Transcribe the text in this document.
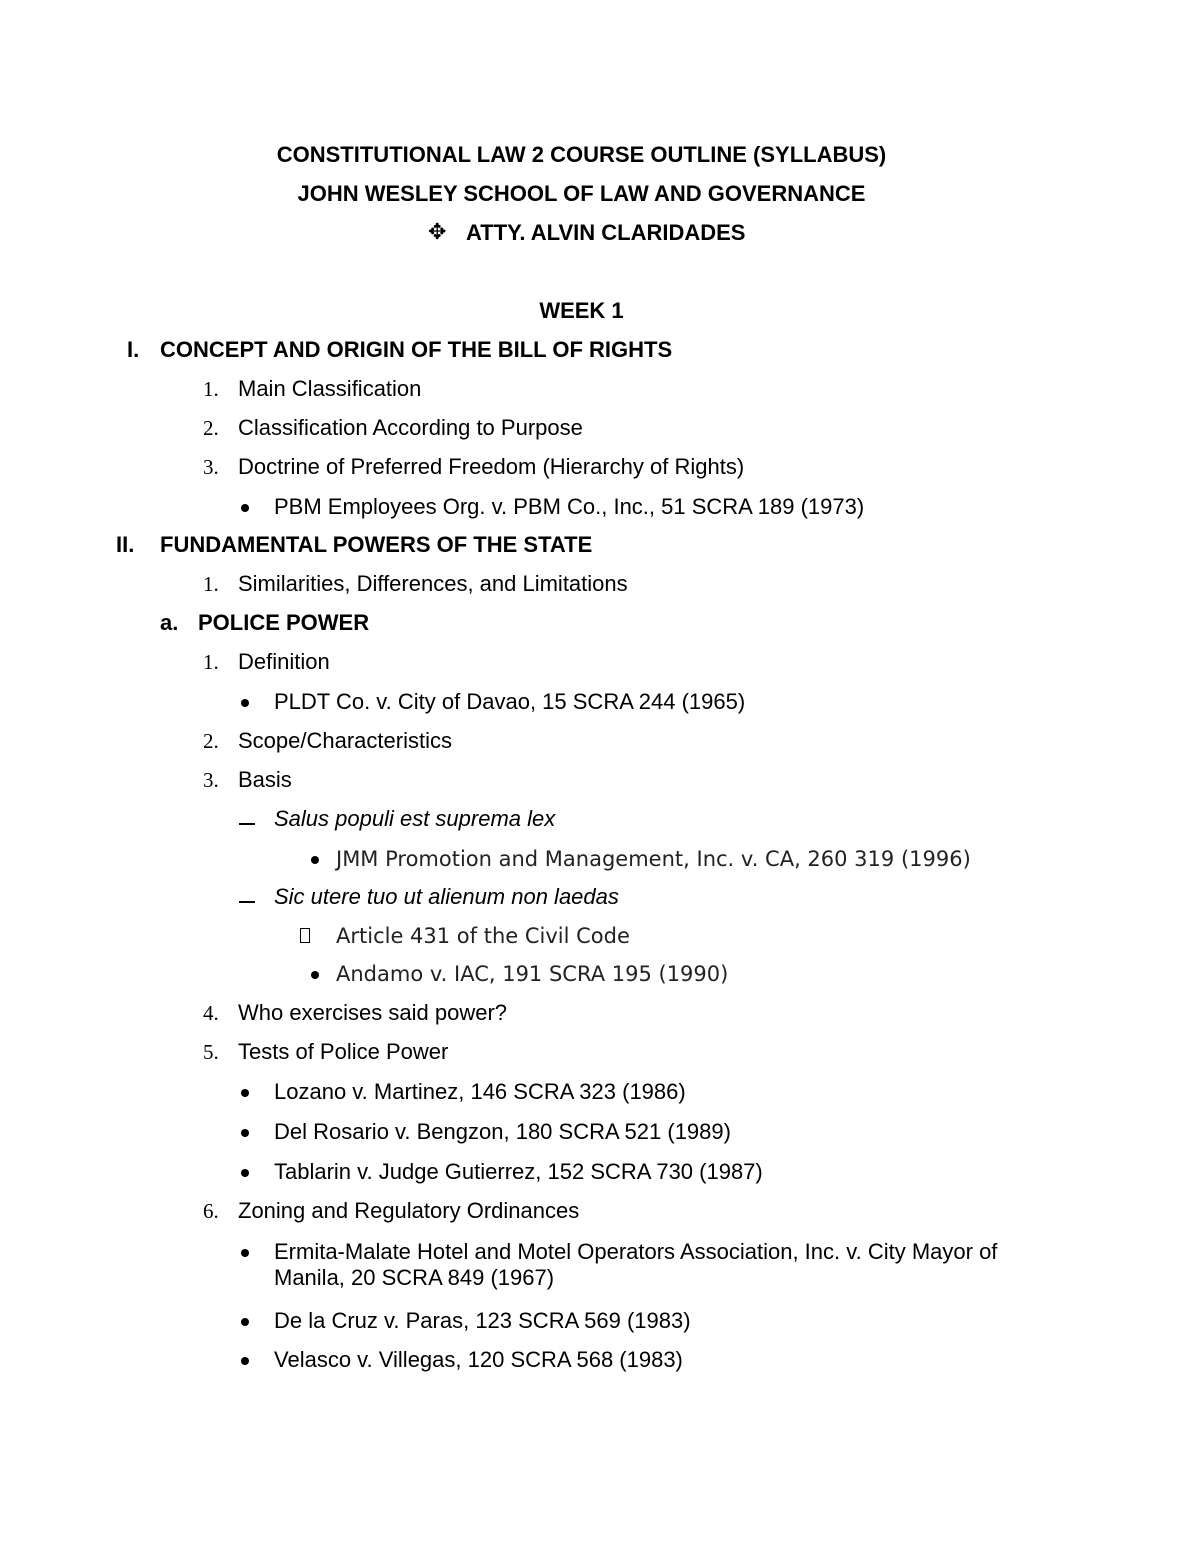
CONSTITUTIONAL LAW 2 COURSE OUTLINE (SYLLABUS)
JOHN WESLEY SCHOOL OF LAW AND GOVERNANCE
✥ ATTY. ALVIN CLARIDADES
WEEK 1
I. CONCEPT AND ORIGIN OF THE BILL OF RIGHTS
1. Main Classification
2. Classification According to Purpose
3. Doctrine of Preferred Freedom (Hierarchy of Rights)
PBM Employees Org. v. PBM Co., Inc., 51 SCRA 189 (1973)
II. FUNDAMENTAL POWERS OF THE STATE
1. Similarities, Differences, and Limitations
a. POLICE POWER
1. Definition
PLDT Co. v. City of Davao, 15 SCRA 244 (1965)
2. Scope/Characteristics
3. Basis
Salus populi est suprema lex
JMM Promotion and Management, Inc. v. CA, 260 319 (1996)
Sic utere tuo ut alienum non laedas
Article 431 of the Civil Code
Andamo v. IAC, 191 SCRA 195 (1990)
4. Who exercises said power?
5. Tests of Police Power
Lozano v. Martinez, 146 SCRA 323 (1986)
Del Rosario v. Bengzon, 180 SCRA 521 (1989)
Tablarin v. Judge Gutierrez, 152 SCRA 730 (1987)
6. Zoning and Regulatory Ordinances
Ermita-Malate Hotel and Motel Operators Association, Inc. v. City Mayor of
Manila, 20 SCRA 849 (1967)
De la Cruz v. Paras, 123 SCRA 569 (1983)
Velasco v. Villegas, 120 SCRA 568 (1983)
